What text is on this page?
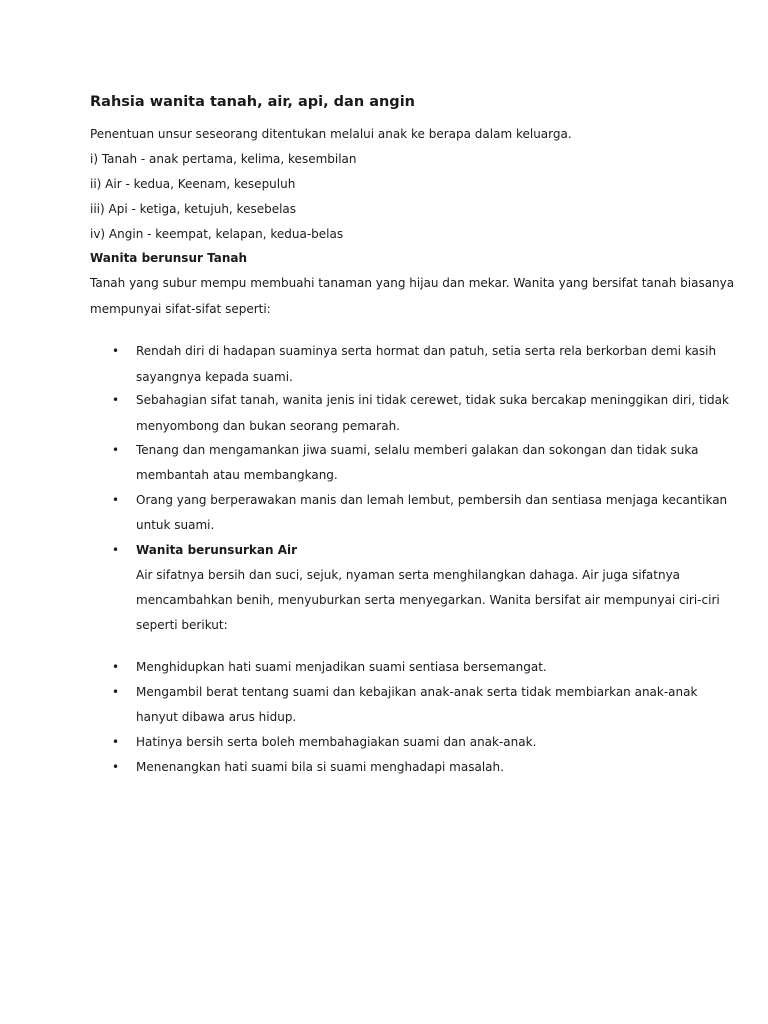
Rahsia wanita tanah, air, api, dan angin

Penentuan unsur seseorang ditentukan melalui anak ke berapa dalam keluarga.

i) Tanah - anak pertama, kelima, kesembilan

ii) Air - kedua, Keenam, kesepuluh

iii) Api - ketiga, ketujuh, kesebelas

iv) Angin - keempat, kelapan, kedua-belas

Wanita berunsur Tanah

Tanah yang subur mempu membuahi tanaman yang hijau dan mekar. Wanita yang bersifat tanah biasanya

mempunyai sifat-sifat seperti:

• Rendah diri di hadapan suaminya serta hormat dan patuh, setia serta rela berkorban demi kasih

sayangnya kepada suami.

• Sebahagian sifat tanah, wanita jenis ini tidak cerewet, tidak suka bercakap meninggikan diri, tidak

menyombong dan bukan seorang pemarah.

• Tenang dan mengamankan jiwa suami, selalu memberi galakan dan sokongan dan tidak suka

membantah atau membangkang.

• Orang yang berperawakan manis dan lemah lembut, pembersih dan sentiasa menjaga kecantikan

untuk suami.

• Wanita berunsurkan Air

Air sifatnya bersih dan suci, sejuk, nyaman serta menghilangkan dahaga. Air juga sifatnya

mencambahkan benih, menyuburkan serta menyegarkan. Wanita bersifat air mempunyai ciri-ciri

seperti berikut:

• Menghidupkan hati suami menjadikan suami sentiasa bersemangat.

• Mengambil berat tentang suami dan kebajikan anak-anak serta tidak membiarkan anak-anak

hanyut dibawa arus hidup.

• Hatinya bersih serta boleh membahagiakan suami dan anak-anak.

• Menenangkan hati suami bila si suami menghadapi masalah.
